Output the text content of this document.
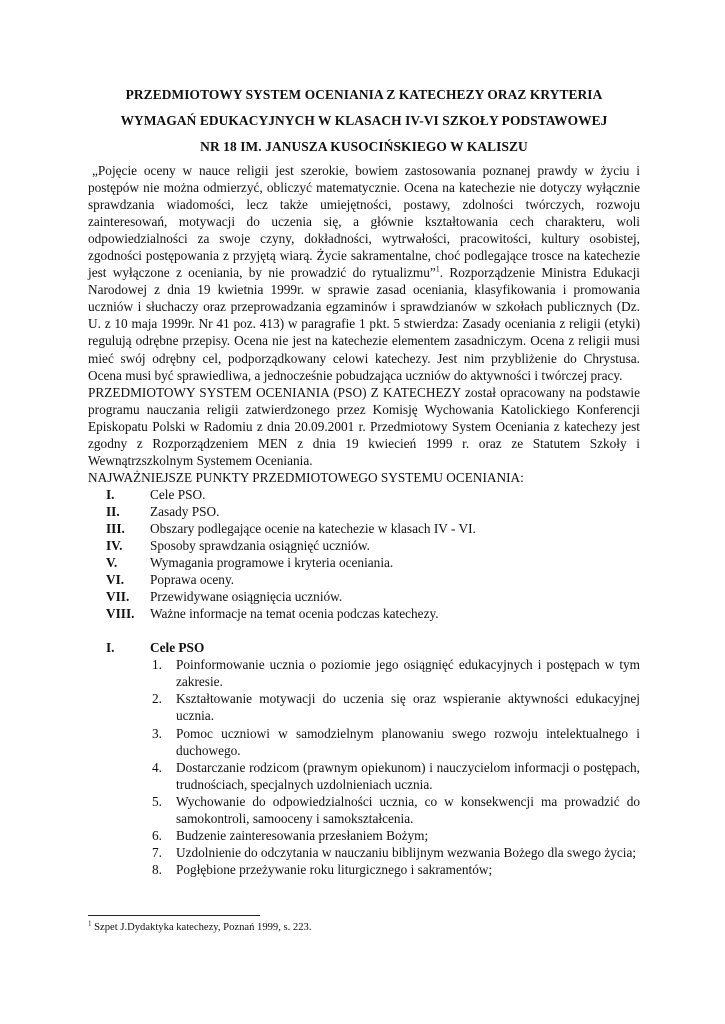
PRZEDMIOTOWY SYSTEM OCENIANIA Z KATECHEZY ORAZ KRYTERIA
WYMAGAŃ EDUKACYJNYCH W KLASACH IV-VI SZKOŁY PODSTAWOWEJ
NR 18 IM. JANUSZA KUSOCIŃSKIEGO W KALISZU

„Pojęcie oceny w nauce religii jest szerokie, bowiem zastosowania poznanej prawdy w życiu i postępów nie można odmierzyć, obliczyć matematycznie. Ocena na katechezie nie dotyczy wyłącznie sprawdzania wiadomości, lecz także umiejętności, postawy, zdolności twórczych, rozwoju zainteresowań, motywacji do uczenia się, a głównie kształtowania cech charakteru, woli odpowiedzialności za swoje czyny, dokładności, wytrwałości, pracowitości, kultury osobistej, zgodności postępowania z przyjętą wiarą. Życie sakramentalne, choć podlegające trosce na katechezie jest wyłączone z oceniania, by nie prowadzić do rytualizmu”$^1$. Rozporządzenie Ministra Edukacji Narodowej z dnia 19 kwietnia 1999r. w sprawie zasad oceniania, klasyfikowania i promowania uczniów i słuchaczy oraz przeprowadzania egzaminów i sprawdzianów w szkołach publicznych (Dz. U. z 10 maja 1999r. Nr 41 poz. 413) w paragrafie 1 pkt. 5 stwierdza: Zasady oceniania z religii (etyki) regulują odrębne przepisy. Ocena nie jest na katechezie elementem zasadniczym. Ocena z religii musi mieć swój odrębny cel, podporządkowany celowi katechezy. Jest nim przybliżenie do Chrystusa. Ocena musi być sprawiedliwa, a jednocześnie pobudzająca uczniów do aktywności i twórczej pracy.

PRZEDMIOTOWY SYSTEM OCENIANIA (PSO) Z KATECHEZY został opracowany na podstawie programu nauczania religii zatwierdzonego przez Komisję Wychowania Katolickiego Konferencji Episkopatu Polski w Radomiu z dnia 20.09.2001 r. Przedmiotowy System Oceniania z katechezy jest zgodny z Rozporządzeniem MEN z dnia 19 kwiecień 1999 r. oraz ze Statutem Szkoły i Wewnątrzszkolnym Systemem Oceniania.

NAJWAŻNIEJSZE PUNKTY PRZEDMIOTOWEGO SYSTEMU OCENIANIA:

I.	Cele PSO.
II.	Zasady PSO.
III.	Obszary podlegające ocenie na katechezie w klasach IV - VI.
IV.	Sposoby sprawdzania osiągnięć uczniów.
V.	Wymagania programowe i kryteria oceniania.
VI.	Poprawa oceny.
VII.	Przewidywane osiągnięcia uczniów.
VIII.	Ważne informacje na temat ocenia podczas katechezy.
I.	Cele PSO
1.	Poinformowanie ucznia o poziomie jego osiągnięć edukacyjnych i postępach w tym zakresie.
2.	Kształtowanie motywacji do uczenia się oraz wspieranie aktywności edukacyjnej ucznia.
3.	Pomoc uczniowi w samodzielnym planowaniu swego rozwoju intelektualnego i duchowego.
4.	Dostarczanie rodzicom (prawnym opiekunom) i nauczycielom informacji o postępach, trudnościach, specjalnych uzdolnieniach ucznia.
5.	Wychowanie do odpowiedzialności ucznia, co w konsekwencji ma prowadzić do samokontroli, samooceny i samokształcenia.
6.	Budzenie zainteresowania przesłaniem Bożym;
7.	Uzdolnienie do odczytania w nauczaniu biblijnym wezwania Bożego dla swego życia;
8.	Pogłębione przeżywanie roku liturgicznego i sakramentów;
$^1$ Szpet J.Dydaktyka katechezy, Poznań 1999, s. 223.
